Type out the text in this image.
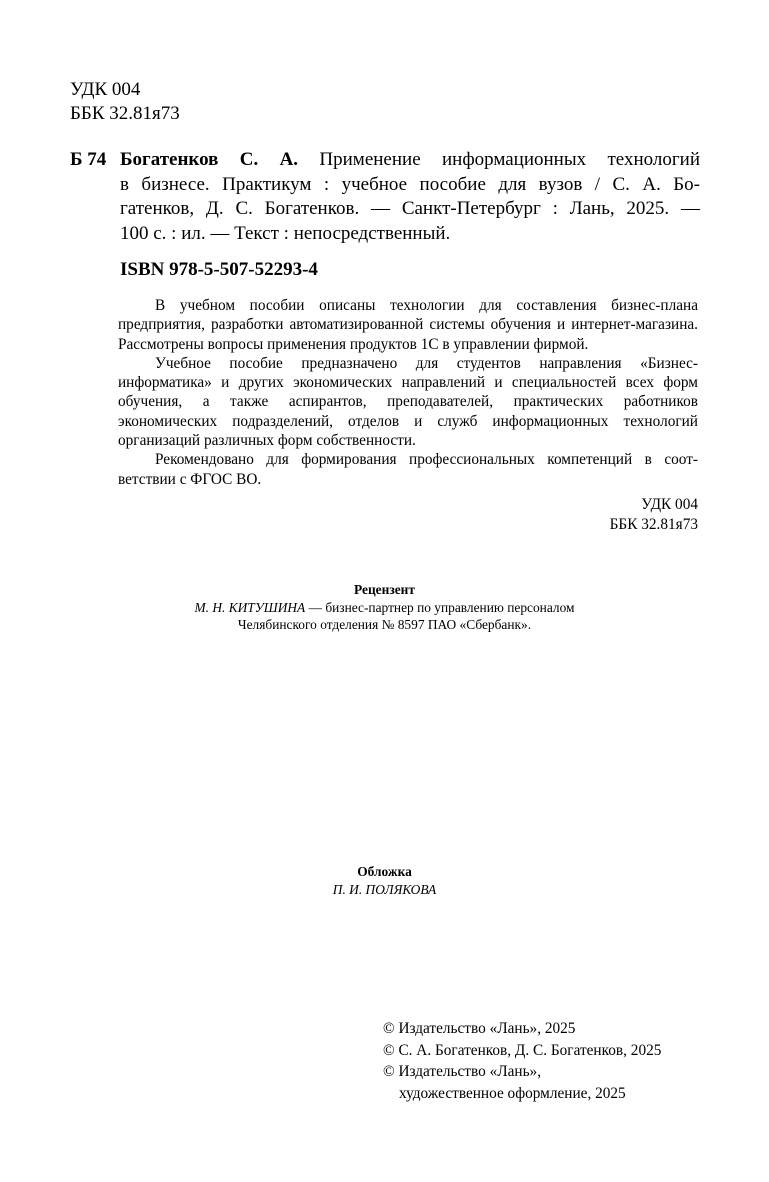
УДК 004
ББК 32.81я73
Б 74 Богатенков С. А. Применение информационных технологий
в бизнесе. Практикум : учебное пособие для вузов / С. А. Бо-
гатенков, Д. С. Богатенков. — Санкт-Петербург : Лань, 2025. —
100 с. : ил. — Текст : непосредственный.
ISBN 978-5-507-52293-4

В учебном пособии описаны технологии для составления бизнес-плана предприятия, разработки автоматизированной системы обучения и интернет-магазина. Рассмотрены вопросы применения продуктов 1С в управлении фирмой.

Учебное пособие предназначено для студентов направления «Бизнес-информатика» и других экономических направлений и специальностей всех форм обучения, а также аспирантов, преподавателей, практических работников экономических подразделений, отделов и служб информационных технологий организаций различных форм собственности.

Рекомендовано для формирования профессиональных компетенций в соответствии с ФГОС ВО.

УДК 004
ББК 32.81я73
Рецензент
М. Н. КИТУШИНА — бизнес-партнер по управлению персоналом
Челябинского отделения № 8597 ПАО «Сбербанк».
Обложка
П. И. ПОЛЯКОВА
© Издательство «Лань», 2025
© С. А. Богатенков, Д. С. Богатенков, 2025
© Издательство «Лань»,
художественное оформление, 2025
